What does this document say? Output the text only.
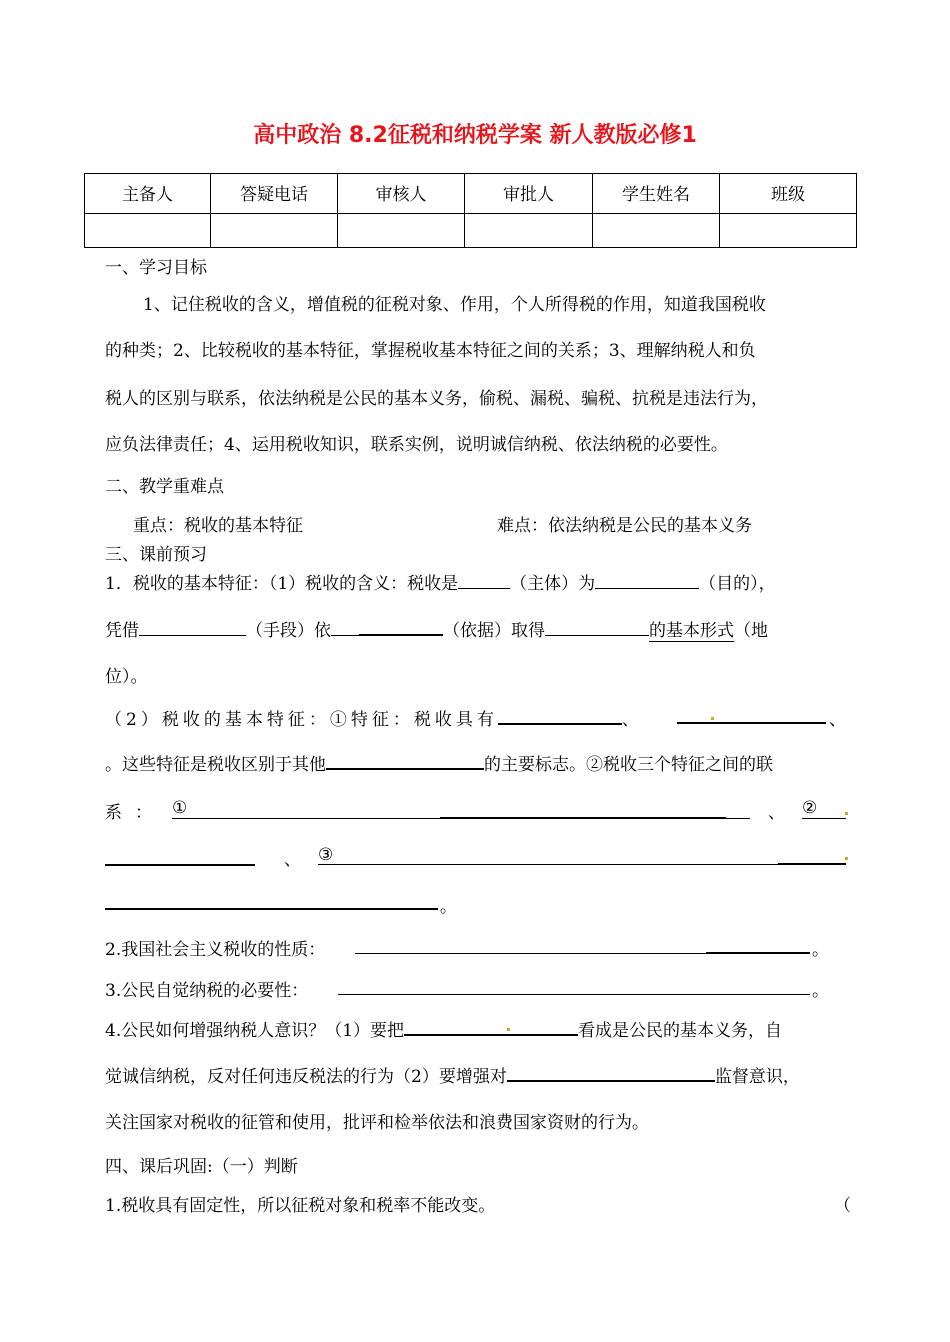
高中政治 8.2征税和纳税学案 新人教版必修1
主备人	答疑电话	审核人	审批人	学生姓名	班级

一、学习目标
1、记住税收的含义，增值税的征税对象、作用，个人所得税的作用，知道我国税收
的种类；2、比较税收的基本特征，掌握税收基本特征之间的关系；3、理解纳税人和负
税人的区别与联系，依法纳税是公民的基本义务，偷税、漏税、骗税、抗税是违法行为，
应负法律责任；4、运用税收知识，联系实例，说明诚信纳税、依法纳税的必要性。
二、教学重难点
重点：税收的基本特征	难点：依法纳税是公民的基本义务
三、课前预习
1．税收的基本特征：（1）税收的含义：税收是	（主体）为	（目的），
凭借	（手段）依	（依据）取得	的基本形式（地
位）。
（2）税收的基本特征：①特征：税收具有	、	、
。这些特征是税收区别于其他	的主要标志。②税收三个特征之间的联
系 ： ①	、 ②
、 ③
。
2.我国社会主义税收的性质：	。
3.公民自觉纳税的必要性：	。
4.公民如何增强纳税人意识？（1）要把	看成是公民的基本义务，自
觉诚信纳税，反对任何违反税法的行为（2）要增强对	监督意识，
关注国家对税收的征管和使用，批评和检举依法和浪费国家资财的行为。
四、课后巩固:（一）判断
1.税收具有固定性，所以征税对象和税率不能改变。	（
